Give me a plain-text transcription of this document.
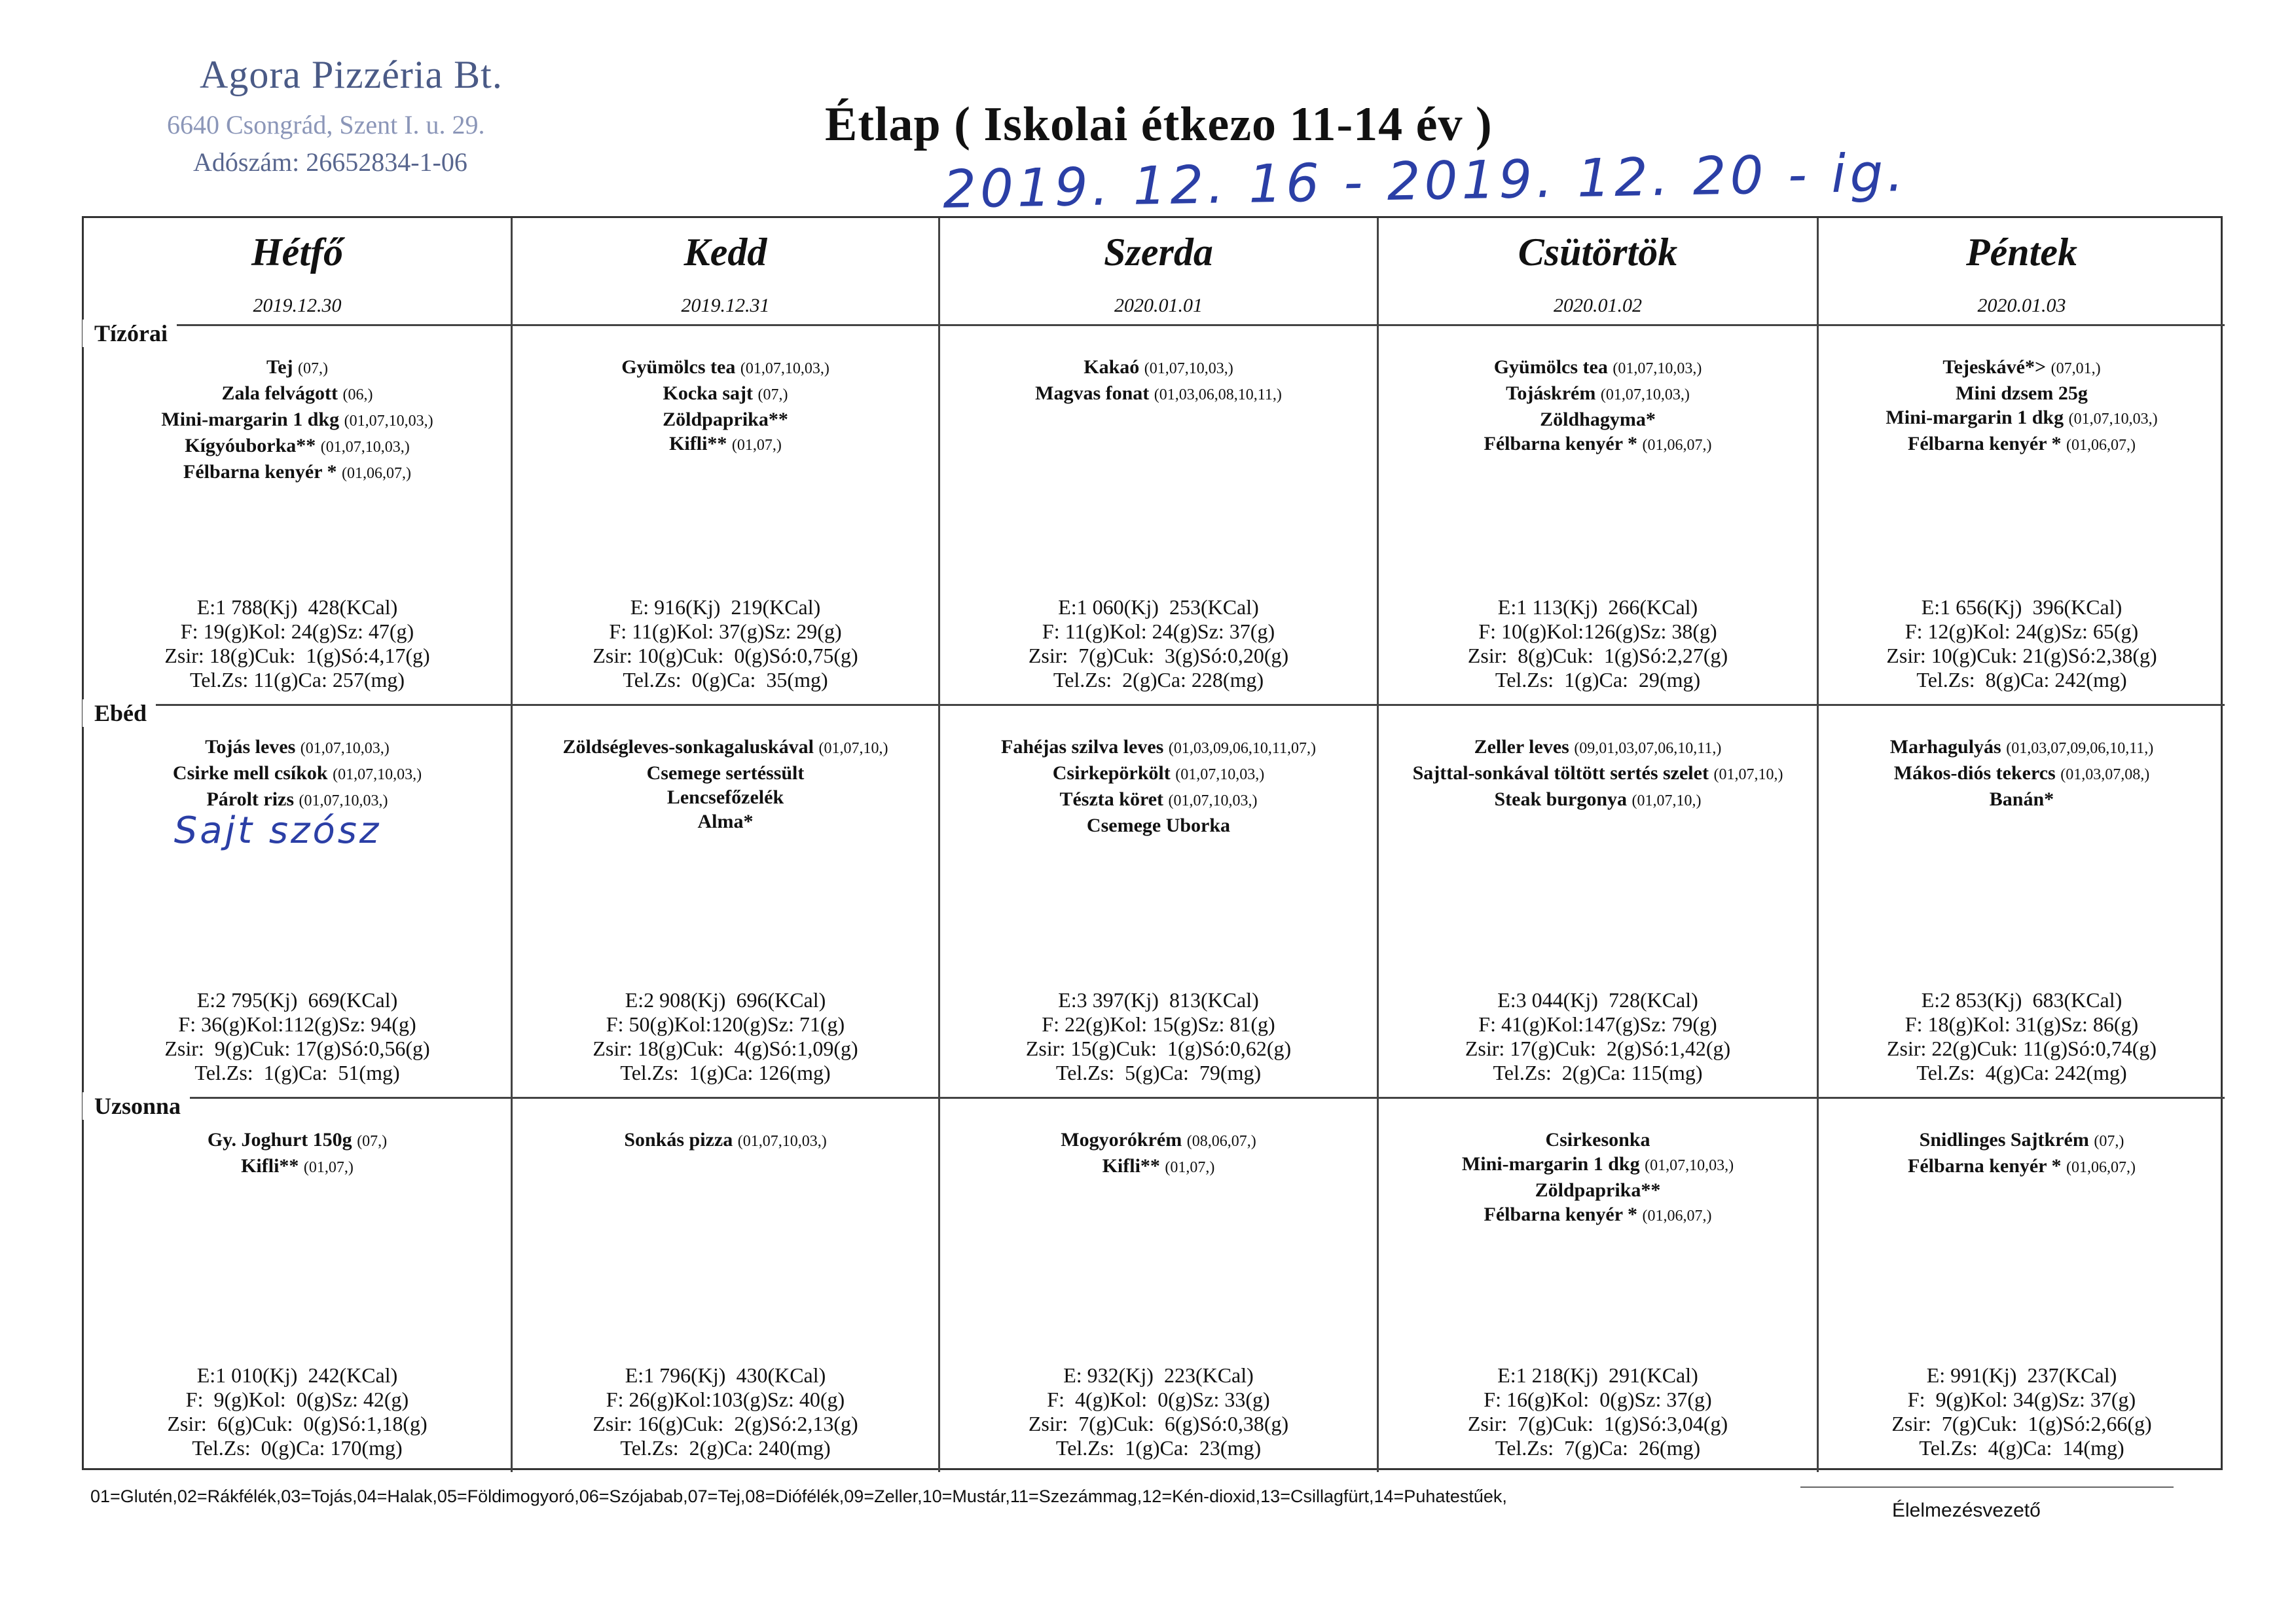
Agora Pizzéria Bt.
6640 Csongrád, Szent I. u. 29.
Adószám: 26652834-1-06
Étlap ( Iskolai étkezo 11-14 év )
2019. 12. 16 - 2019. 12. 20 - ig.
Hétfő
2019.12.30
Kedd
2019.12.31
Szerda
2020.01.01
Csütörtök
2020.01.02
Péntek
2020.01.03
Tízórai
Tej (07,)
Zala felvágott (06,)
Mini-margarin 1 dkg (01,07,10,03,)
Kígyóuborka** (01,07,10,03,)
Félbarna kenyér * (01,06,07,)
E:1 788(Kj)  428(KCal)
F: 19(g)Kol: 24(g)Sz: 47(g)
Zsir: 18(g)Cuk:  1(g)Só:4,17(g)
Tel.Zs: 11(g)Ca: 257(mg)
Gyümölcs tea (01,07,10,03,)
Kocka sajt (07,)
Zöldpaprika**
Kifli** (01,07,)
E: 916(Kj)  219(KCal)
F: 11(g)Kol: 37(g)Sz: 29(g)
Zsir: 10(g)Cuk:  0(g)Só:0,75(g)
Tel.Zs:  0(g)Ca:  35(mg)
Kakaó (01,07,10,03,)
Magvas fonat (01,03,06,08,10,11,)
E:1 060(Kj)  253(KCal)
F: 11(g)Kol: 24(g)Sz: 37(g)
Zsir:  7(g)Cuk:  3(g)Só:0,20(g)
Tel.Zs:  2(g)Ca: 228(mg)
Gyümölcs tea (01,07,10,03,)
Tojáskrém (01,07,10,03,)
Zöldhagyma*
Félbarna kenyér * (01,06,07,)
E:1 113(Kj)  266(KCal)
F: 10(g)Kol:126(g)Sz: 38(g)
Zsir:  8(g)Cuk:  1(g)Só:2,27(g)
Tel.Zs:  1(g)Ca:  29(mg)
Tejeskávé*> (07,01,)
Mini dzsem 25g
Mini-margarin 1 dkg (01,07,10,03,)
Félbarna kenyér * (01,06,07,)
E:1 656(Kj)  396(KCal)
F: 12(g)Kol: 24(g)Sz: 65(g)
Zsir: 10(g)Cuk: 21(g)Só:2,38(g)
Tel.Zs:  8(g)Ca: 242(mg)
Ebéd
Tojás leves (01,07,10,03,)
Csirke mell csíkok (01,07,10,03,)
Párolt rizs (01,07,10,03,)
Sajt szósz
E:2 795(Kj)  669(KCal)
F: 36(g)Kol:112(g)Sz: 94(g)
Zsir:  9(g)Cuk: 17(g)Só:0,56(g)
Tel.Zs:  1(g)Ca:  51(mg)
Zöldségleves-sonkagaluskával (01,07,10,)
Csemege sertéssült
Lencsefőzelék
Alma*
E:2 908(Kj)  696(KCal)
F: 50(g)Kol:120(g)Sz: 71(g)
Zsir: 18(g)Cuk:  4(g)Só:1,09(g)
Tel.Zs:  1(g)Ca: 126(mg)
Fahéjas szilva leves (01,03,09,06,10,11,07,)
Csirkepörkölt (01,07,10,03,)
Tészta köret (01,07,10,03,)
Csemege Uborka
E:3 397(Kj)  813(KCal)
F: 22(g)Kol: 15(g)Sz: 81(g)
Zsir: 15(g)Cuk:  1(g)Só:0,62(g)
Tel.Zs:  5(g)Ca:  79(mg)
Zeller leves (09,01,03,07,06,10,11,)
Sajttal-sonkával töltött sertés szelet (01,07,10,)
Steak burgonya (01,07,10,)
E:3 044(Kj)  728(KCal)
F: 41(g)Kol:147(g)Sz: 79(g)
Zsir: 17(g)Cuk:  2(g)Só:1,42(g)
Tel.Zs:  2(g)Ca: 115(mg)
Marhagulyás (01,03,07,09,06,10,11,)
Mákos-diós tekercs (01,03,07,08,)
Banán*
E:2 853(Kj)  683(KCal)
F: 18(g)Kol: 31(g)Sz: 86(g)
Zsir: 22(g)Cuk: 11(g)Só:0,74(g)
Tel.Zs:  4(g)Ca: 242(mg)
Uzsonna
Gy. Joghurt 150g (07,)
Kifli** (01,07,)
E:1 010(Kj)  242(KCal)
F:  9(g)Kol:  0(g)Sz: 42(g)
Zsir:  6(g)Cuk:  0(g)Só:1,18(g)
Tel.Zs:  0(g)Ca: 170(mg)
Sonkás pizza (01,07,10,03,)
E:1 796(Kj)  430(KCal)
F: 26(g)Kol:103(g)Sz: 40(g)
Zsir: 16(g)Cuk:  2(g)Só:2,13(g)
Tel.Zs:  2(g)Ca: 240(mg)
Mogyorókrém (08,06,07,)
Kifli** (01,07,)
E: 932(Kj)  223(KCal)
F:  4(g)Kol:  0(g)Sz: 33(g)
Zsir:  7(g)Cuk:  6(g)Só:0,38(g)
Tel.Zs:  1(g)Ca:  23(mg)
Csirkesonka
Mini-margarin 1 dkg (01,07,10,03,)
Zöldpaprika**
Félbarna kenyér * (01,06,07,)
E:1 218(Kj)  291(KCal)
F: 16(g)Kol:  0(g)Sz: 37(g)
Zsir:  7(g)Cuk:  1(g)Só:3,04(g)
Tel.Zs:  7(g)Ca:  26(mg)
Snidlinges Sajtkrém (07,)
Félbarna kenyér * (01,06,07,)
E: 991(Kj)  237(KCal)
F:  9(g)Kol: 34(g)Sz: 37(g)
Zsir:  7(g)Cuk:  1(g)Só:2,66(g)
Tel.Zs:  4(g)Ca:  14(mg)
01=Glutén,02=Rákfélék,03=Tojás,04=Halak,05=Földimogyoró,06=Szójabab,07=Tej,08=Diófélék,09=Zeller,10=Mustár,11=Szezámmag,12=Kén-dioxid,13=Csillagfürt,14=Puhatestűek,
Élelmezésvezető
